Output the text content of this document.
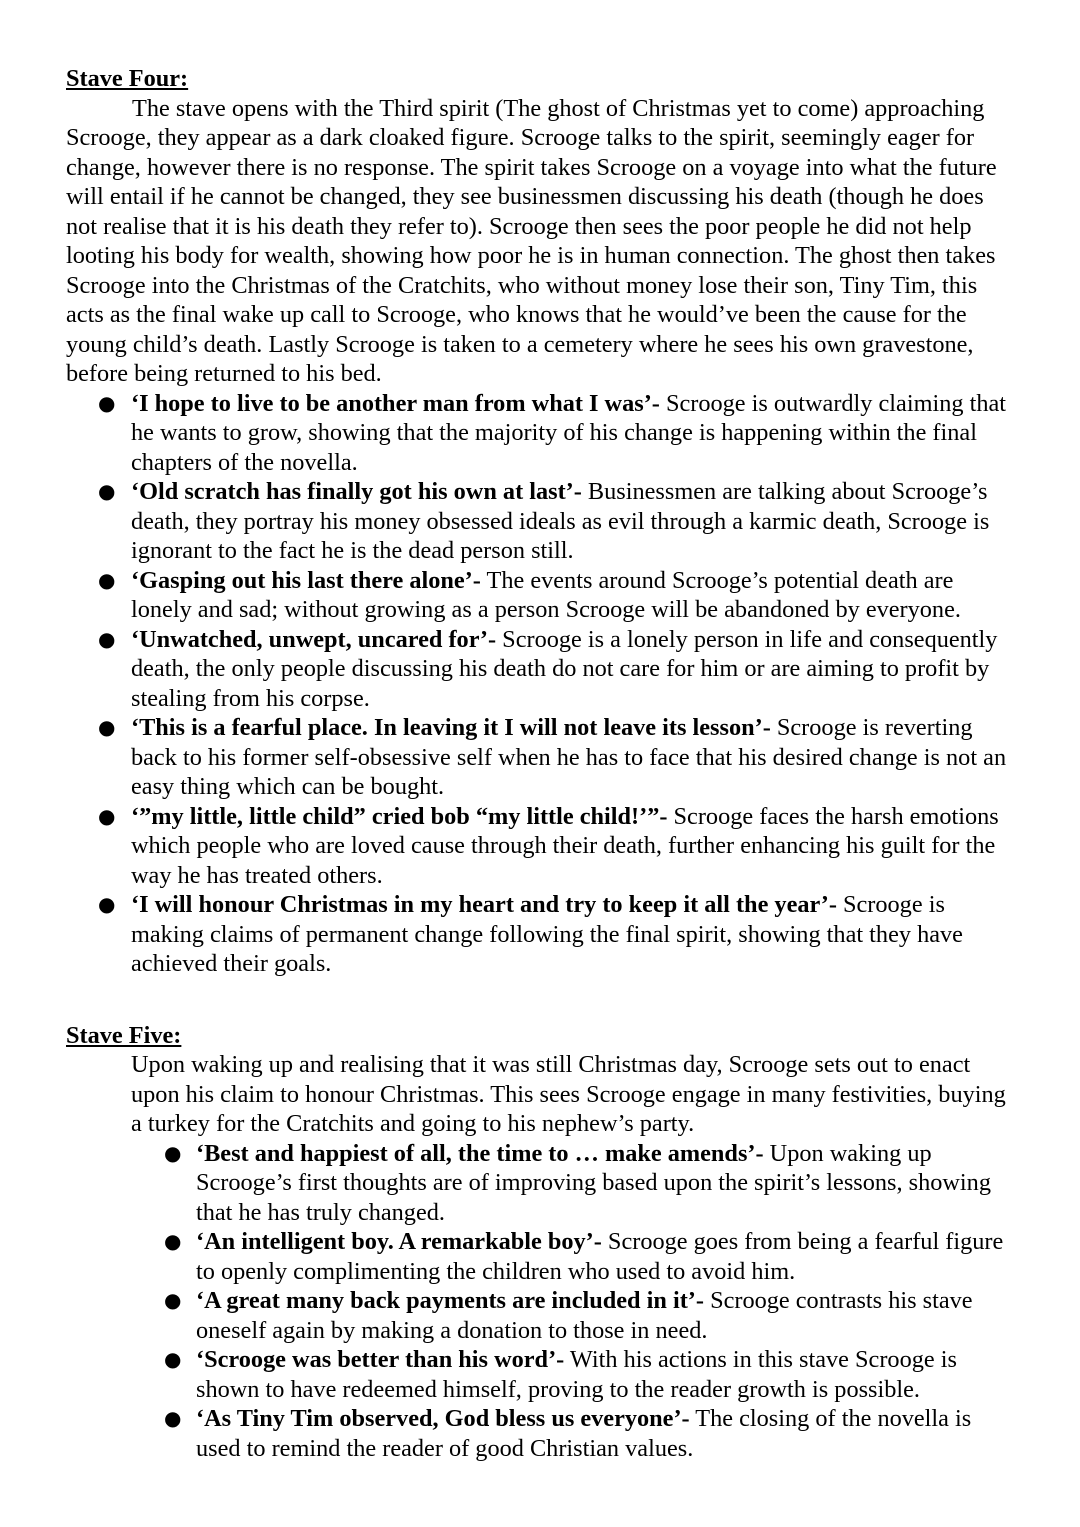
Stave Four:

The stave opens with the Third spirit (The ghost of Christmas yet to come) approaching Scrooge, they appear as a dark cloaked figure. Scrooge talks to the spirit, seemingly eager for change, however there is no response. The spirit takes Scrooge on a voyage into what the future will entail if he cannot be changed, they see businessmen discussing his death (though he does not realise that it is his death they refer to). Scrooge then sees the poor people he did not help looting his body for wealth, showing how poor he is in human connection. The ghost then takes Scrooge into the Christmas of the Cratchits, who without money lose their son, Tiny Tim, this acts as the final wake up call to Scrooge, who knows that he would’ve been the cause for the young child’s death. Lastly Scrooge is taken to a cemetery where he sees his own gravestone, before being returned to his bed.

● ‘I hope to live to be another man from what I was’- Scrooge is outwardly claiming that he wants to grow, showing that the majority of his change is happening within the final chapters of the novella.
● ‘Old scratch has finally got his own at last’- Businessmen are talking about Scrooge’s death, they portray his money obsessed ideals as evil through a karmic death, Scrooge is ignorant to the fact he is the dead person still.
● ‘Gasping out his last there alone’- The events around Scrooge’s potential death are lonely and sad; without growing as a person Scrooge will be abandoned by everyone.
● ‘Unwatched, unwept, uncared for’- Scrooge is a lonely person in life and consequently death, the only people discussing his death do not care for him or are aiming to profit by stealing from his corpse.
● ‘This is a fearful place. In leaving it I will not leave its lesson’- Scrooge is reverting back to his former self-obsessive self when he has to face that his desired change is not an easy thing which can be bought.
● ‘”my little, little child” cried bob “my little child!’”- Scrooge faces the harsh emotions which people who are loved cause through their death, further enhancing his guilt for the way he has treated others.
● ‘I will honour Christmas in my heart and try to keep it all the year’- Scrooge is making claims of permanent change following the final spirit, showing that they have achieved their goals.

Stave Five:

Upon waking up and realising that it was still Christmas day, Scrooge sets out to enact upon his claim to honour Christmas. This sees Scrooge engage in many festivities, buying a turkey for the Cratchits and going to his nephew’s party.

● ‘Best and happiest of all, the time to … make amends’- Upon waking up Scrooge’s first thoughts are of improving based upon the spirit’s lessons, showing that he has truly changed.
● ‘An intelligent boy. A remarkable boy’- Scrooge goes from being a fearful figure to openly complimenting the children who used to avoid him.
● ‘A great many back payments are included in it’- Scrooge contrasts his stave oneself again by making a donation to those in need.
● ‘Scrooge was better than his word’- With his actions in this stave Scrooge is shown to have redeemed himself, proving to the reader growth is possible.
● ‘As Tiny Tim observed, God bless us everyone’- The closing of the novella is used to remind the reader of good Christian values.
